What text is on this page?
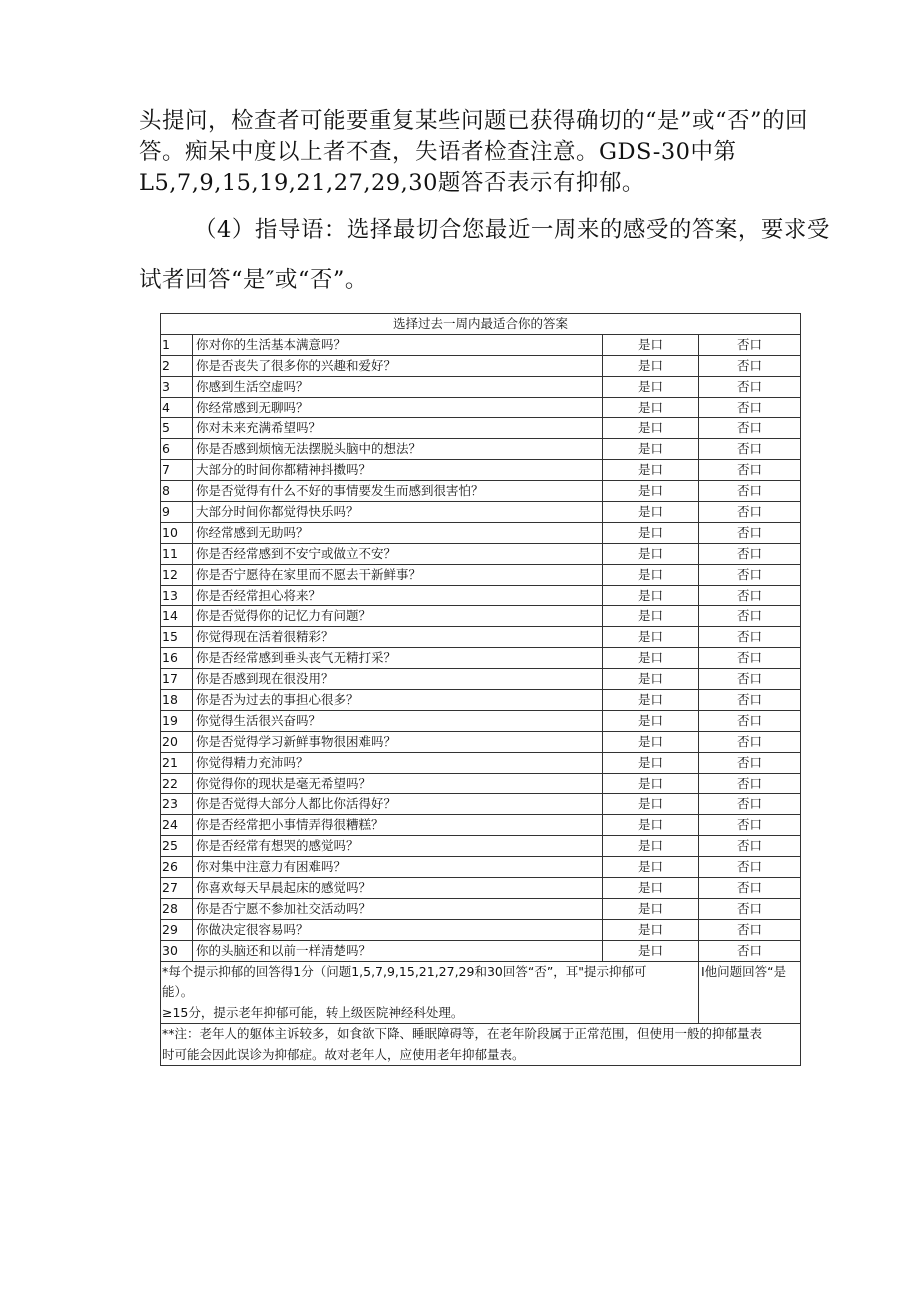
头提问，检查者可能要重复某些问题已获得确切的“是”或“否”的回
答。痴呆中度以上者不查，失语者检查注意。GDS-30中第
L5,7,9,15,19,21,27,29,30题答否表示有抑郁。
（4）指导语：选择最切合您最近一周来的感受的答案，要求受
试者回答“是″或“否”。
选择过去一周内最适合你的答案			
1	你对你的生活基本满意吗？	是口	否口
2	你是否丧失了很多你的兴趣和爱好？	是口	否口
3	你感到生活空虚吗？	是口	否口
4	你经常感到无聊吗？	是口	否口
5	你对未来充满希望吗？	是口	否口
6	你是否感到烦恼无法摆脱头脑中的想法？	是口	否口
7	大部分的时间你都精神抖擞吗？	是口	否口
8	你是否觉得有什么不好的事情要发生而感到很害怕？	是口	否口
9	大部分时间你都觉得快乐吗？	是口	否口
10	你经常感到无助吗？	是口	否口
11	你是否经常感到不安宁或做立不安？	是口	否口
12	你是否宁愿待在家里而不愿去干新鲜事？	是口	否口
13	你是否经常担心将来？	是口	否口
14	你是否觉得你的记忆力有问题？	是口	否口
15	你觉得现在活着很精彩？	是口	否口
16	你是否经常感到垂头丧气无精打采？	是口	否口
17	你是否感到现在很没用？	是口	否口
18	你是否为过去的事担心很多？	是口	否口
19	你觉得生活很兴奋吗？	是口	否口
20	你是否觉得学习新鲜事物很困难吗？	是口	否口
21	你觉得精力充沛吗？	是口	否口
22	你觉得你的现状是毫无希望吗？	是口	否口
23	你是否觉得大部分人都比你活得好？	是口	否口
24	你是否经常把小事情弄得很糟糕？	是口	否口
25	你是否经常有想哭的感觉吗？	是口	否口
26	你对集中注意力有困难吗？	是口	否口
27	你喜欢每天早晨起床的感觉吗？	是口	否口
28	你是否宁愿不参加社交活动吗？	是口	否口
29	你做决定很容易吗？	是口	否口
30	你的头脑还和以前一样清楚吗？	是口	否口

*每个提示抑郁的回答得1分（问题1,5,7,9,15,21,27,29和30回答“否”，耳"提示抑郁可
能）。
≥15分，提示老年抑郁可能，转上级医院神经科处理。			I他问题回答“是

**注：老年人的躯体主诉较多，如食欲下降、睡眠障碍等，在老年阶段属于正常范围，但使用一般的抑郁量表
时可能会因此误诊为抑郁症。故对老年人，应使用老年抑郁量表。			
